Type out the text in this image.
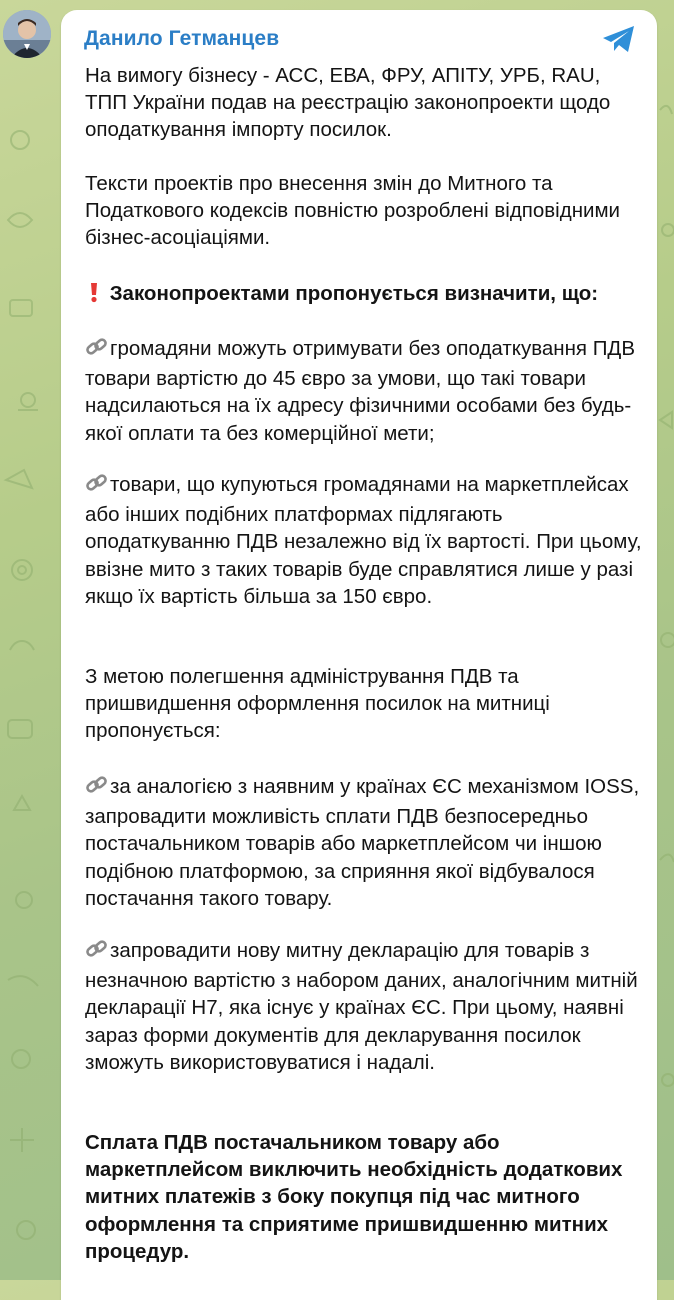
Данило Гетманцев

На вимогу бізнесу - АСС, ЕВА, ФРУ, АПІТУ, УРБ, RAU, ТПП України подав на реєстрацію законопроекти щодо оподаткування імпорту посилок.

Тексти проектів про внесення змін до Митного та Податкового кодексів повністю розроблені відповідними бізнес-асоціаціями.

Законопроектами пропонується визначити, що:

громадяни можуть отримувати без оподаткування ПДВ товари вартістю до 45 євро за умови, що такі товари надсилаються на їх адресу фізичними особами без будь-якої оплати та без комерційної мети;

товари, що купуються громадянами на маркетплейсах або інших подібних платформах підлягають оподаткуванню ПДВ незалежно від їх вартості. При цьому, ввізне мито з таких товарів буде справлятися лише у разі якщо їх вартість більша за 150 євро.

З метою полегшення адміністрування ПДВ та пришвидшення оформлення посилок на митниці пропонується:

за аналогією з наявним у країнах ЄС механізмом IOSS, запровадити можливість сплати ПДВ безпосередньо постачальником товарів або маркетплейсом чи іншою подібною платформою, за сприяння якої відбувалося постачання такого товару.

запровадити нову митну декларацію для товарів з незначною вартістю з набором даних, аналогічним митній декларації Н7, яка існує у країнах ЄС. При цьому, наявні зараз форми документів для декларування посилок зможуть використовуватися і надалі.

Сплата ПДВ постачальником товару або маркетплейсом виключить необхідність додаткових митних платежів з боку покупця під час митного оформлення та сприятиме пришвидшенню митних процедур.
